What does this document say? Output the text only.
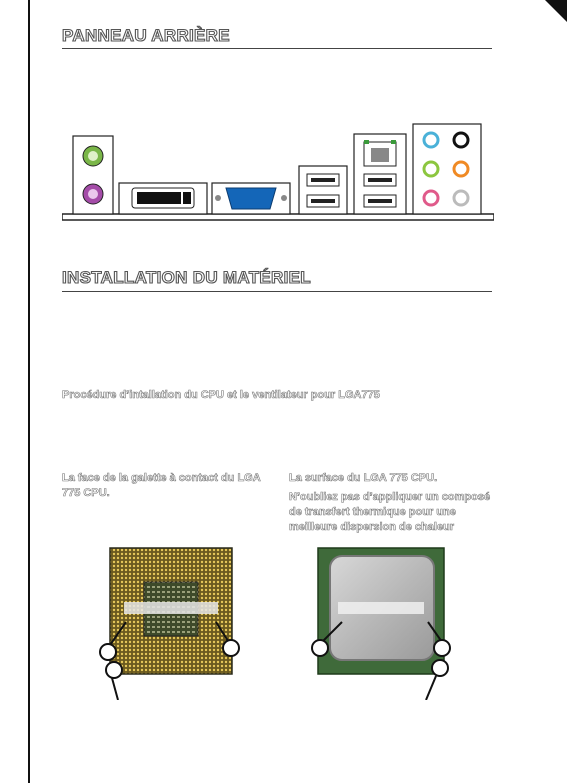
PANNEAU ARRIÈRE
INSTALLATION DU MATÉRIEL
Procédure d’intallation du CPU et le ventilateur pour LGA775
La face de la galette à contact du LGA 775 CPU.
La surface du LGA 775 CPU.
N’oubliez pas d’appliquer un composé de transfert thermique pour une meilleure dispersion de chaleur
